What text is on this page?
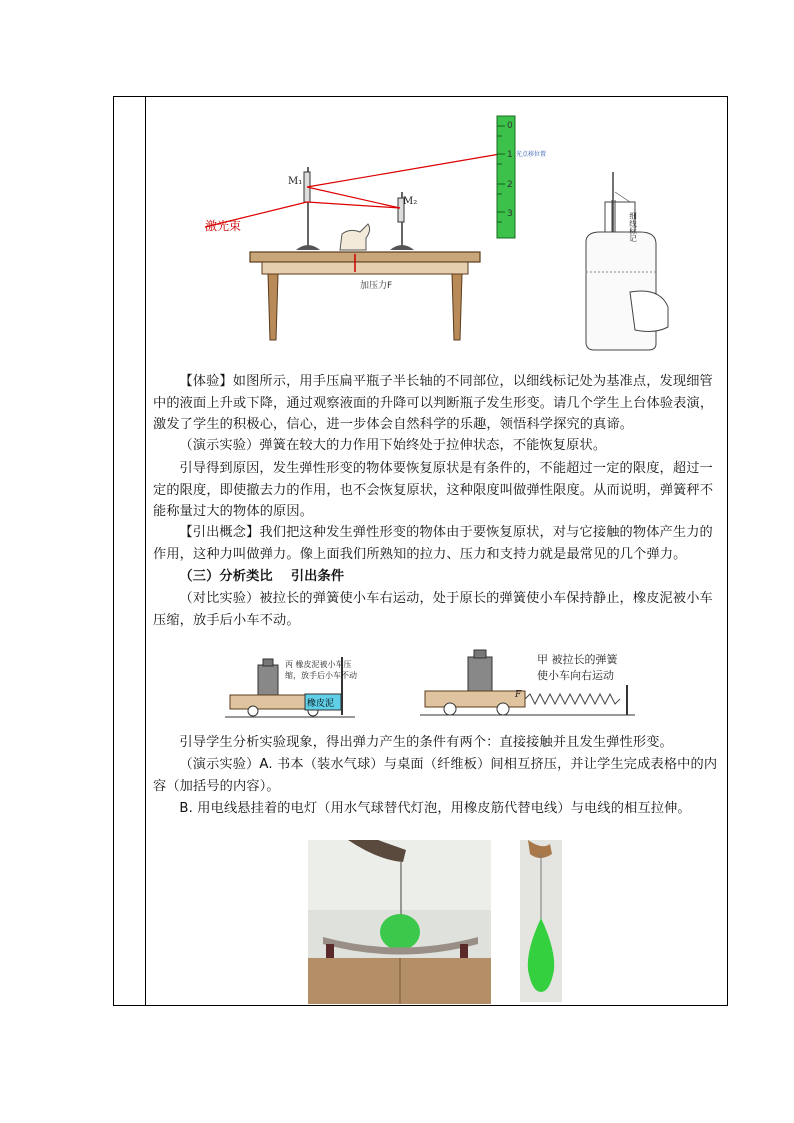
加压力F
激光束
M₁
M₂
0
1
2
3
光点移位置
细线标记

【体验】如图所示，用手压扁平瓶子半长轴的不同部位，以细线标记处为基准点，发现细管中的液面上升或下降，通过观察液面的升降可以判断瓶子发生形变。请几个学生上台体验表演，激发了学生的积极心，信心，进一步体会自然科学的乐趣，领悟科学探究的真谛。

（演示实验）弹簧在较大的力作用下始终处于拉伸状态，不能恢复原状。

引导得到原因，发生弹性形变的物体要恢复原状是有条件的，不能超过一定的限度，超过一定的限度，即使撤去力的作用，也不会恢复原状，这种限度叫做弹性限度。从而说明，弹簧秤不能称量过大的物体的原因。

【引出概念】我们把这种发生弹性形变的物体由于要恢复原状，对与它接触的物体产生力的作用，这种力叫做弹力。像上面我们所熟知的拉力、压力和支持力就是最常见的几个弹力。

（三）分析类比　 引出条件

（对比实验）被拉长的弹簧使小车右运动，处于原长的弹簧使小车保持静止，橡皮泥被小车压缩，放手后小车不动。

橡皮泥
丙 橡皮泥被小车压
缩，放手后小车不动
F
甲 被拉长的弹簧
使小车向右运动

引导学生分析实验现象，得出弹力产生的条件有两个：直接接触并且发生弹性形变。

（演示实验）A. 书本（装水气球）与桌面（纤维板）间相互挤压，并让学生完成表格中的内容（加括号的内容）。

B. 用电线悬挂着的电灯（用水气球替代灯泡，用橡皮筋代替电线）与电线的相互拉伸。
